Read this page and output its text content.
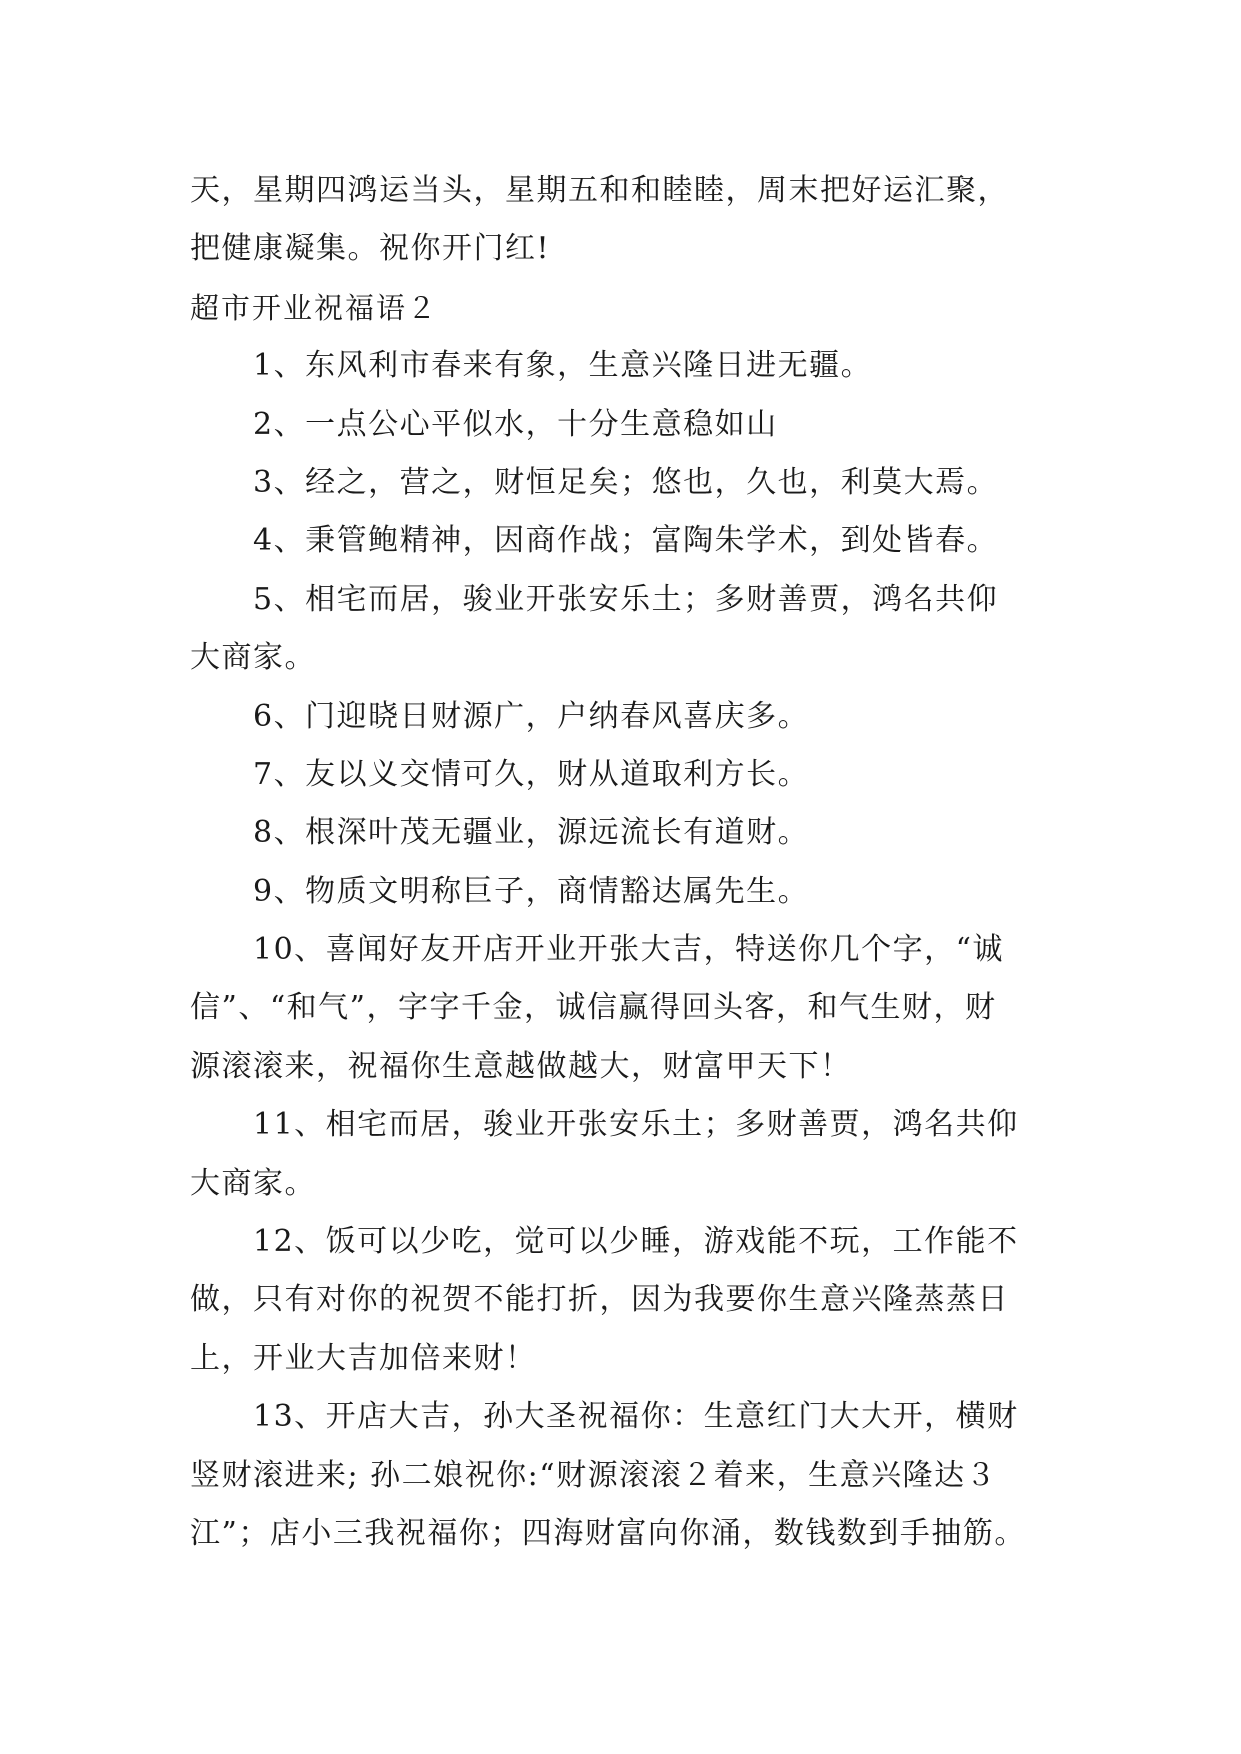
天，星期四鸿运当头，星期五和和睦睦，周末把好运汇聚，
把健康凝集。祝你开门红!
超市开业祝福语２
1、东风利市春来有象，生意兴隆日进无疆。
2、一点公心平似水，十分生意稳如山
3、经之，营之，财恒足矣；悠也，久也，利莫大焉。
4、秉管鲍精神，因商作战；富陶朱学术，到处皆春。
5、相宅而居，骏业开张安乐土；多财善贾，鸿名共仰
大商家。
6、门迎晓日财源广，户纳春风喜庆多。
7、友以义交情可久，财从道取利方长。
8、根深叶茂无疆业，源远流长有道财。
9、物质文明称巨子，商情豁达属先生。
10、喜闻好友开店开业开张大吉，特送你几个字，“诚
信”、“和气”，字字千金，诚信赢得回头客，和气生财，财
源滚滚来，祝福你生意越做越大，财富甲天下！
11、相宅而居，骏业开张安乐土；多财善贾，鸿名共仰
大商家。
12、饭可以少吃，觉可以少睡，游戏能不玩，工作能不
做，只有对你的祝贺不能打折，因为我要你生意兴隆蒸蒸日
上，开业大吉加倍来财！
13、开店大吉，孙大圣祝福你：生意红门大大开，横财
竖财滚进来; 孙二娘祝你:“财源滚滚２着来，生意兴隆达３
江”；店小三我祝福你；四海财富向你涌，数钱数到手抽筋。
